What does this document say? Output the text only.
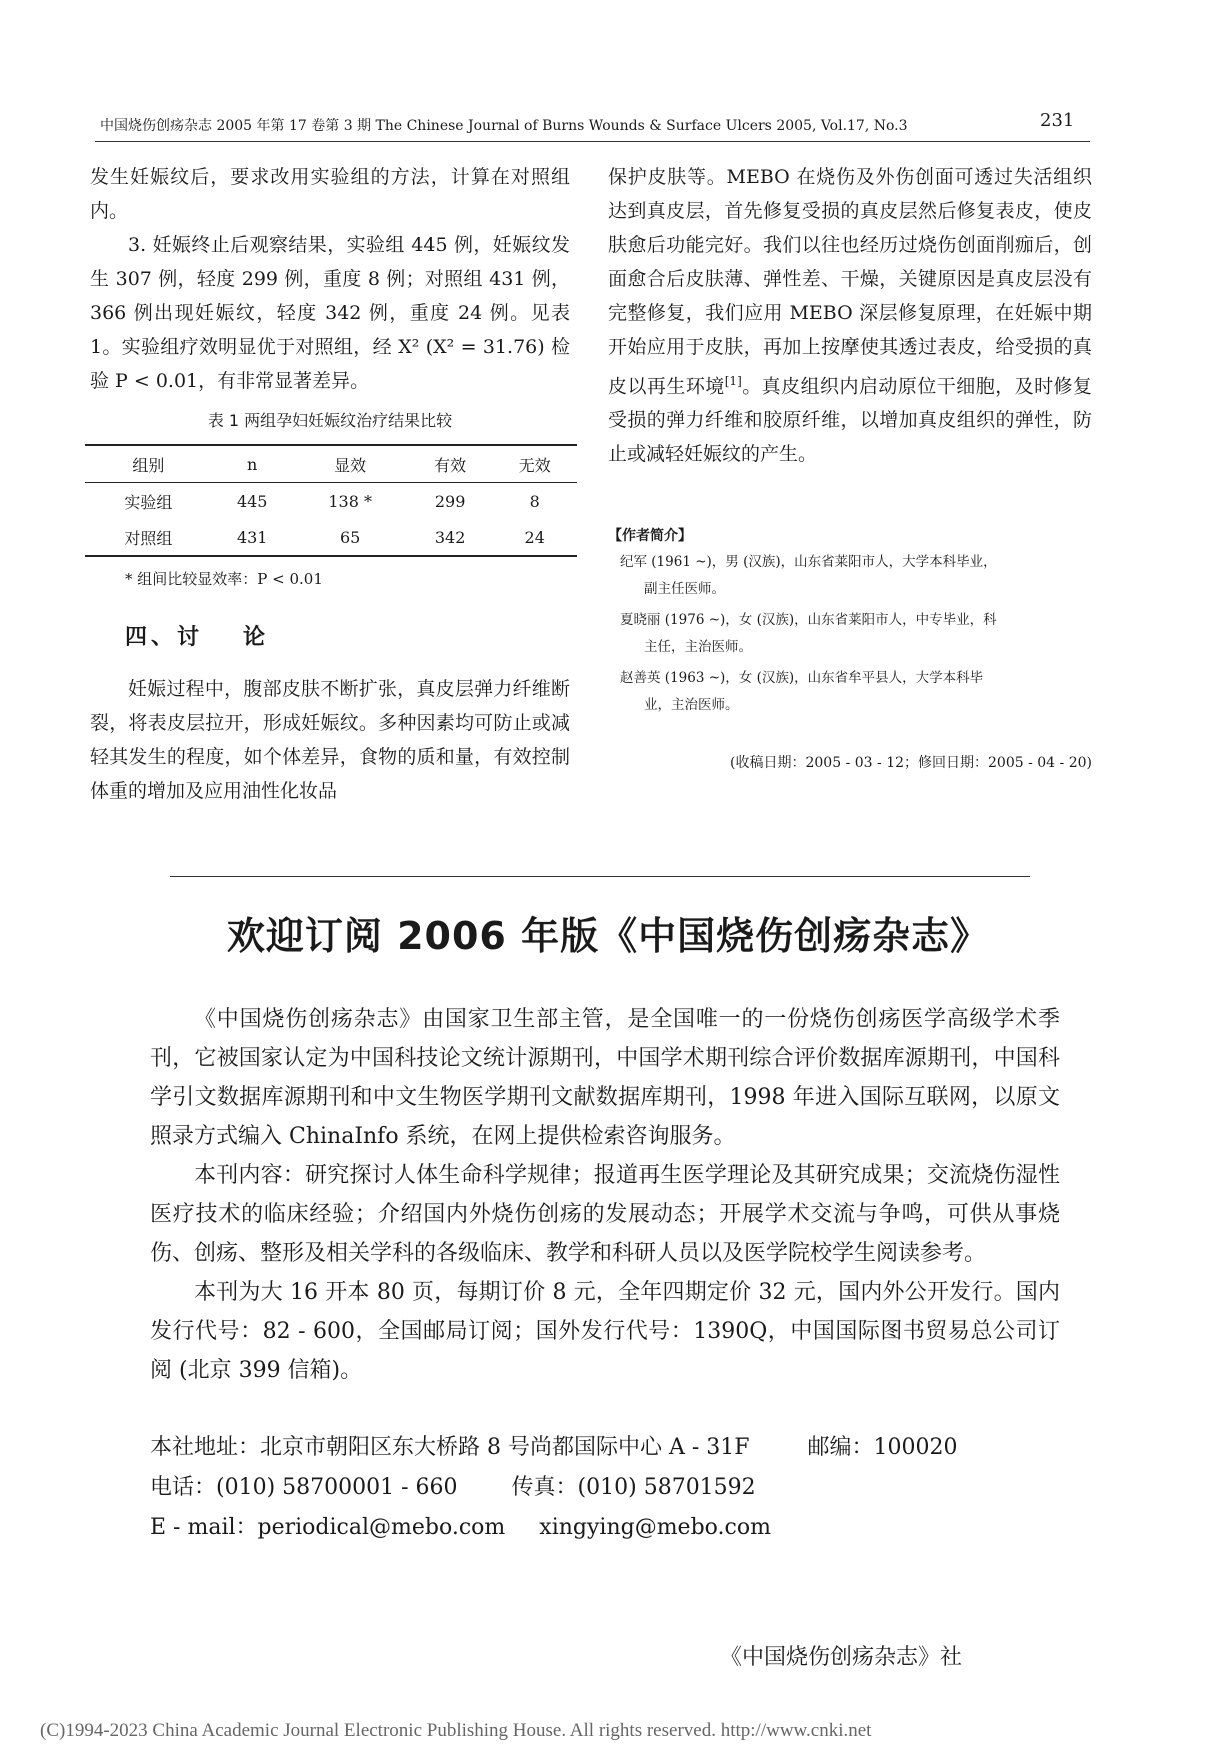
中国烧伤创疡杂志 2005 年第 17 卷第 3 期 The Chinese Journal of Burns Wounds & Surface Ulcers 2005, Vol.17, No.3	231

发生妊娠纹后，要求改用实验组的方法，计算在对照组内。

3. 妊娠终止后观察结果，实验组 445 例，妊娠纹发生 307 例，轻度 299 例，重度 8 例；对照组 431 例，366 例出现妊娠纹，轻度 342 例，重度 24 例。见表 1。实验组疗效明显优于对照组，经 X² (X² = 31.76) 检验 P < 0.01，有非常显著差异。

表 1 两组孕妇妊娠纹治疗结果比较
组别	n	显效	有效	无效
实验组	445	138 *	299	8
对照组	431	65	342	24
* 组间比较显效率：P < 0.01
四、讨 论

妊娠过程中，腹部皮肤不断扩张，真皮层弹力纤维断裂，将表皮层拉开，形成妊娠纹。多种因素均可防止或减轻其发生的程度，如个体差异，食物的质和量，有效控制体重的增加及应用油性化妆品

保护皮肤等。MEBO 在烧伤及外伤创面可透过失活组织达到真皮层，首先修复受损的真皮层然后修复表皮，使皮肤愈后功能完好。我们以往也经历过烧伤创面削痂后，创面愈合后皮肤薄、弹性差、干燥，关键原因是真皮层没有完整修复，我们应用 MEBO 深层修复原理，在妊娠中期开始应用于皮肤，再加上按摩使其透过表皮，给受损的真皮以再生环境[1]。真皮组织内启动原位干细胞，及时修复受损的弹力纤维和胶原纤维，以增加真皮组织的弹性，防止或减轻妊娠纹的产生。

【作者简介】
纪军 (1961 ~)，男 (汉族)，山东省莱阳市人，大学本科毕业，
副主任医师。
夏晓丽 (1976 ~)，女 (汉族)，山东省莱阳市人，中专毕业，科
主任，主治医师。
赵善英 (1963 ~)，女 (汉族)，山东省牟平县人，大学本科毕
业，主治医师。
(收稿日期：2005 - 03 - 12；修回日期：2005 - 04 - 20)
欢迎订阅 2006 年版《中国烧伤创疡杂志》

《中国烧伤创疡杂志》由国家卫生部主管，是全国唯一的一份烧伤创疡医学高级学术季刊，它被国家认定为中国科技论文统计源期刊，中国学术期刊综合评价数据库源期刊，中国科学引文数据库源期刊和中文生物医学期刊文献数据库期刊，1998 年进入国际互联网，以原文照录方式编入 ChinaInfo 系统，在网上提供检索咨询服务。

本刊内容：研究探讨人体生命科学规律；报道再生医学理论及其研究成果；交流烧伤湿性医疗技术的临床经验；介绍国内外烧伤创疡的发展动态；开展学术交流与争鸣，可供从事烧伤、创疡、整形及相关学科的各级临床、教学和科研人员以及医学院校学生阅读参考。

本刊为大 16 开本 80 页，每期订价 8 元，全年四期定价 32 元，国内外公开发行。国内发行代号：82 - 600，全国邮局订阅；国外发行代号：1390Q，中国国际图书贸易总公司订阅 (北京 399 信箱)。

本社地址：北京市朝阳区东大桥路 8 号尚都国际中心 A - 31F	邮编：100020
电话：(010) 58700001 - 660 传真：(010) 58701592
E - mail：periodical@mebo.com xingying@mebo.com
《中国烧伤创疡杂志》社
(C)1994-2023 China Academic Journal Electronic Publishing House. All rights reserved. http://www.cnki.net
